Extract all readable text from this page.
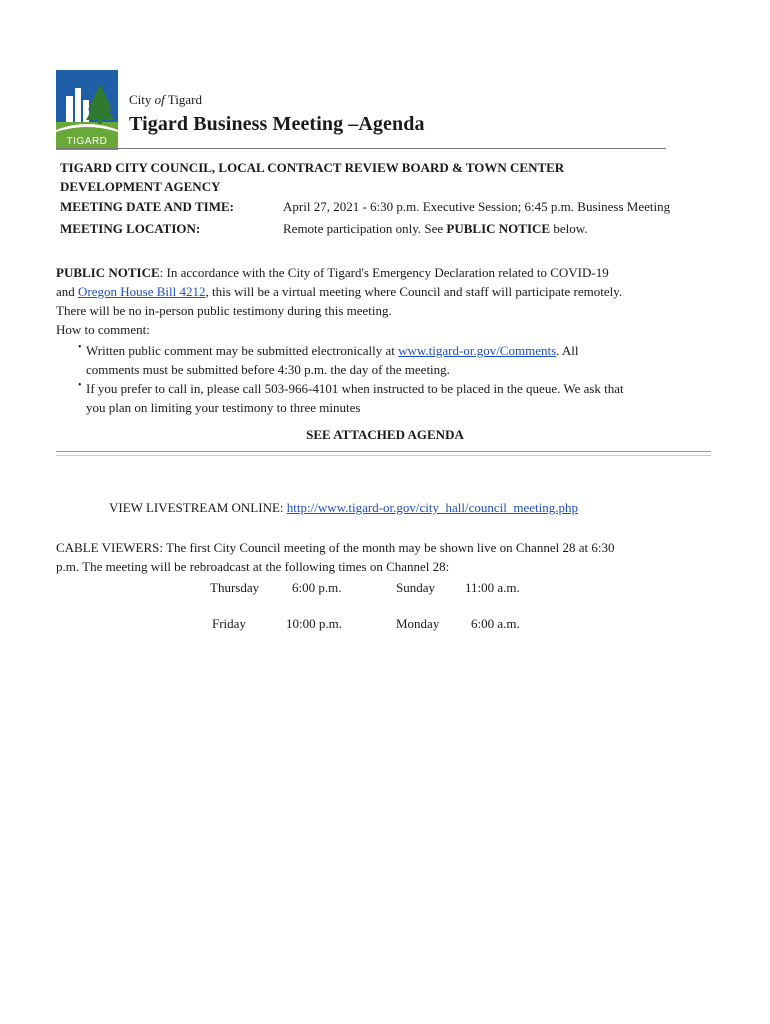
TIGARD
City of Tigard
Tigard Business Meeting –Agenda
TIGARD CITY COUNCIL, LOCAL CONTRACT REVIEW BOARD & TOWN CENTER
DEVELOPMENT AGENCY
MEETING DATE AND TIME:	April 27, 2021 - 6:30 p.m. Executive Session; 6:45 p.m. Business Meeting
MEETING LOCATION:	Remote participation only. See PUBLIC NOTICE below.

PUBLIC NOTICE: In accordance with the City of Tigard's Emergency Declaration related to COVID-19

and Oregon House Bill 4212, this will be a virtual meeting where Council and staff will participate remotely.

There will be no in-person public testimony during this meeting.

How to comment:

• Written public comment may be submitted electronically at www.tigard-or.gov/Comments. All
comments must be submitted before 4:30 p.m. the day of the meeting.
• If you prefer to call in, please call 503-966-4101 when instructed to be placed in the queue. We ask that
you plan on limiting your testimony to three minutes
SEE ATTACHED AGENDA
VIEW LIVESTREAM ONLINE: http://www.tigard-or.gov/city_hall/council_meeting.php
CABLE VIEWERS: The first City Council meeting of the month may be shown live on Channel 28 at 6:30
p.m. The meeting will be rebroadcast at the following times on Channel 28:
Thursday	6:00 p.m.	Sunday 11:00 a.m.
Friday	10:00 p.m.	Monday 6:00 a.m.
